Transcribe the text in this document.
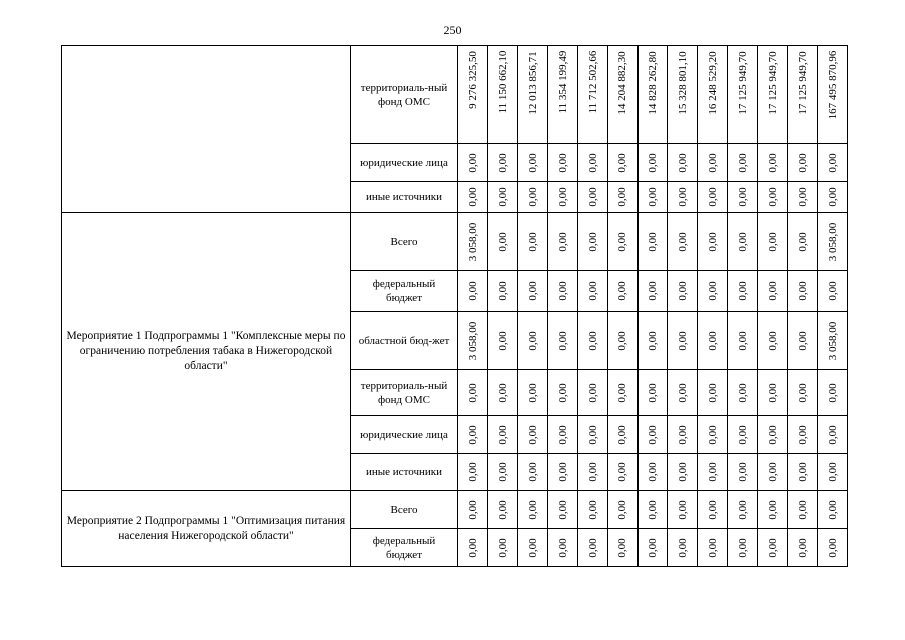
250
	территориаль-ный фонд ОМС	9 276 325,50	11 150 662,10	12 013 856,71	11 354 199,49	11 712 502,66	14 204 882,30	14 828 262,80	15 328 801,10	16 248 529,20	17 125 949,70	17 125 949,70	17 125 949,70	167 495 870,96

	юридические лица	0,00	0,00	0,00	0,00	0,00	0,00	0,00	0,00	0,00	0,00	0,00	0,00	0,00

	иные источники	0,00	0,00	0,00	0,00	0,00	0,00	0,00	0,00	0,00	0,00	0,00	0,00	0,00

Мероприятие 1 Подпрограммы 1 "Комплексные меры по ограничению потребления табака в Нижегородской области"	Всего	3 058,00	0,00	0,00	0,00	0,00	0,00	0,00	0,00	0,00	0,00	0,00	0,00	3 058,00

	федеральный бюджет	0,00	0,00	0,00	0,00	0,00	0,00	0,00	0,00	0,00	0,00	0,00	0,00	0,00

	областной бюд-жет	3 058,00	0,00	0,00	0,00	0,00	0,00	0,00	0,00	0,00	0,00	0,00	0,00	3 058,00

	территориаль-ный фонд ОМС	0,00	0,00	0,00	0,00	0,00	0,00	0,00	0,00	0,00	0,00	0,00	0,00	0,00

	юридические лица	0,00	0,00	0,00	0,00	0,00	0,00	0,00	0,00	0,00	0,00	0,00	0,00	0,00

	иные источники	0,00	0,00	0,00	0,00	0,00	0,00	0,00	0,00	0,00	0,00	0,00	0,00	0,00

Мероприятие 2 Подпрограммы 1 "Оптимизация питания населения Нижегородской области"	Всего	0,00	0,00	0,00	0,00	0,00	0,00	0,00	0,00	0,00	0,00	0,00	0,00	0,00

	федеральный бюджет	0,00	0,00	0,00	0,00	0,00	0,00	0,00	0,00	0,00	0,00	0,00	0,00	0,00
